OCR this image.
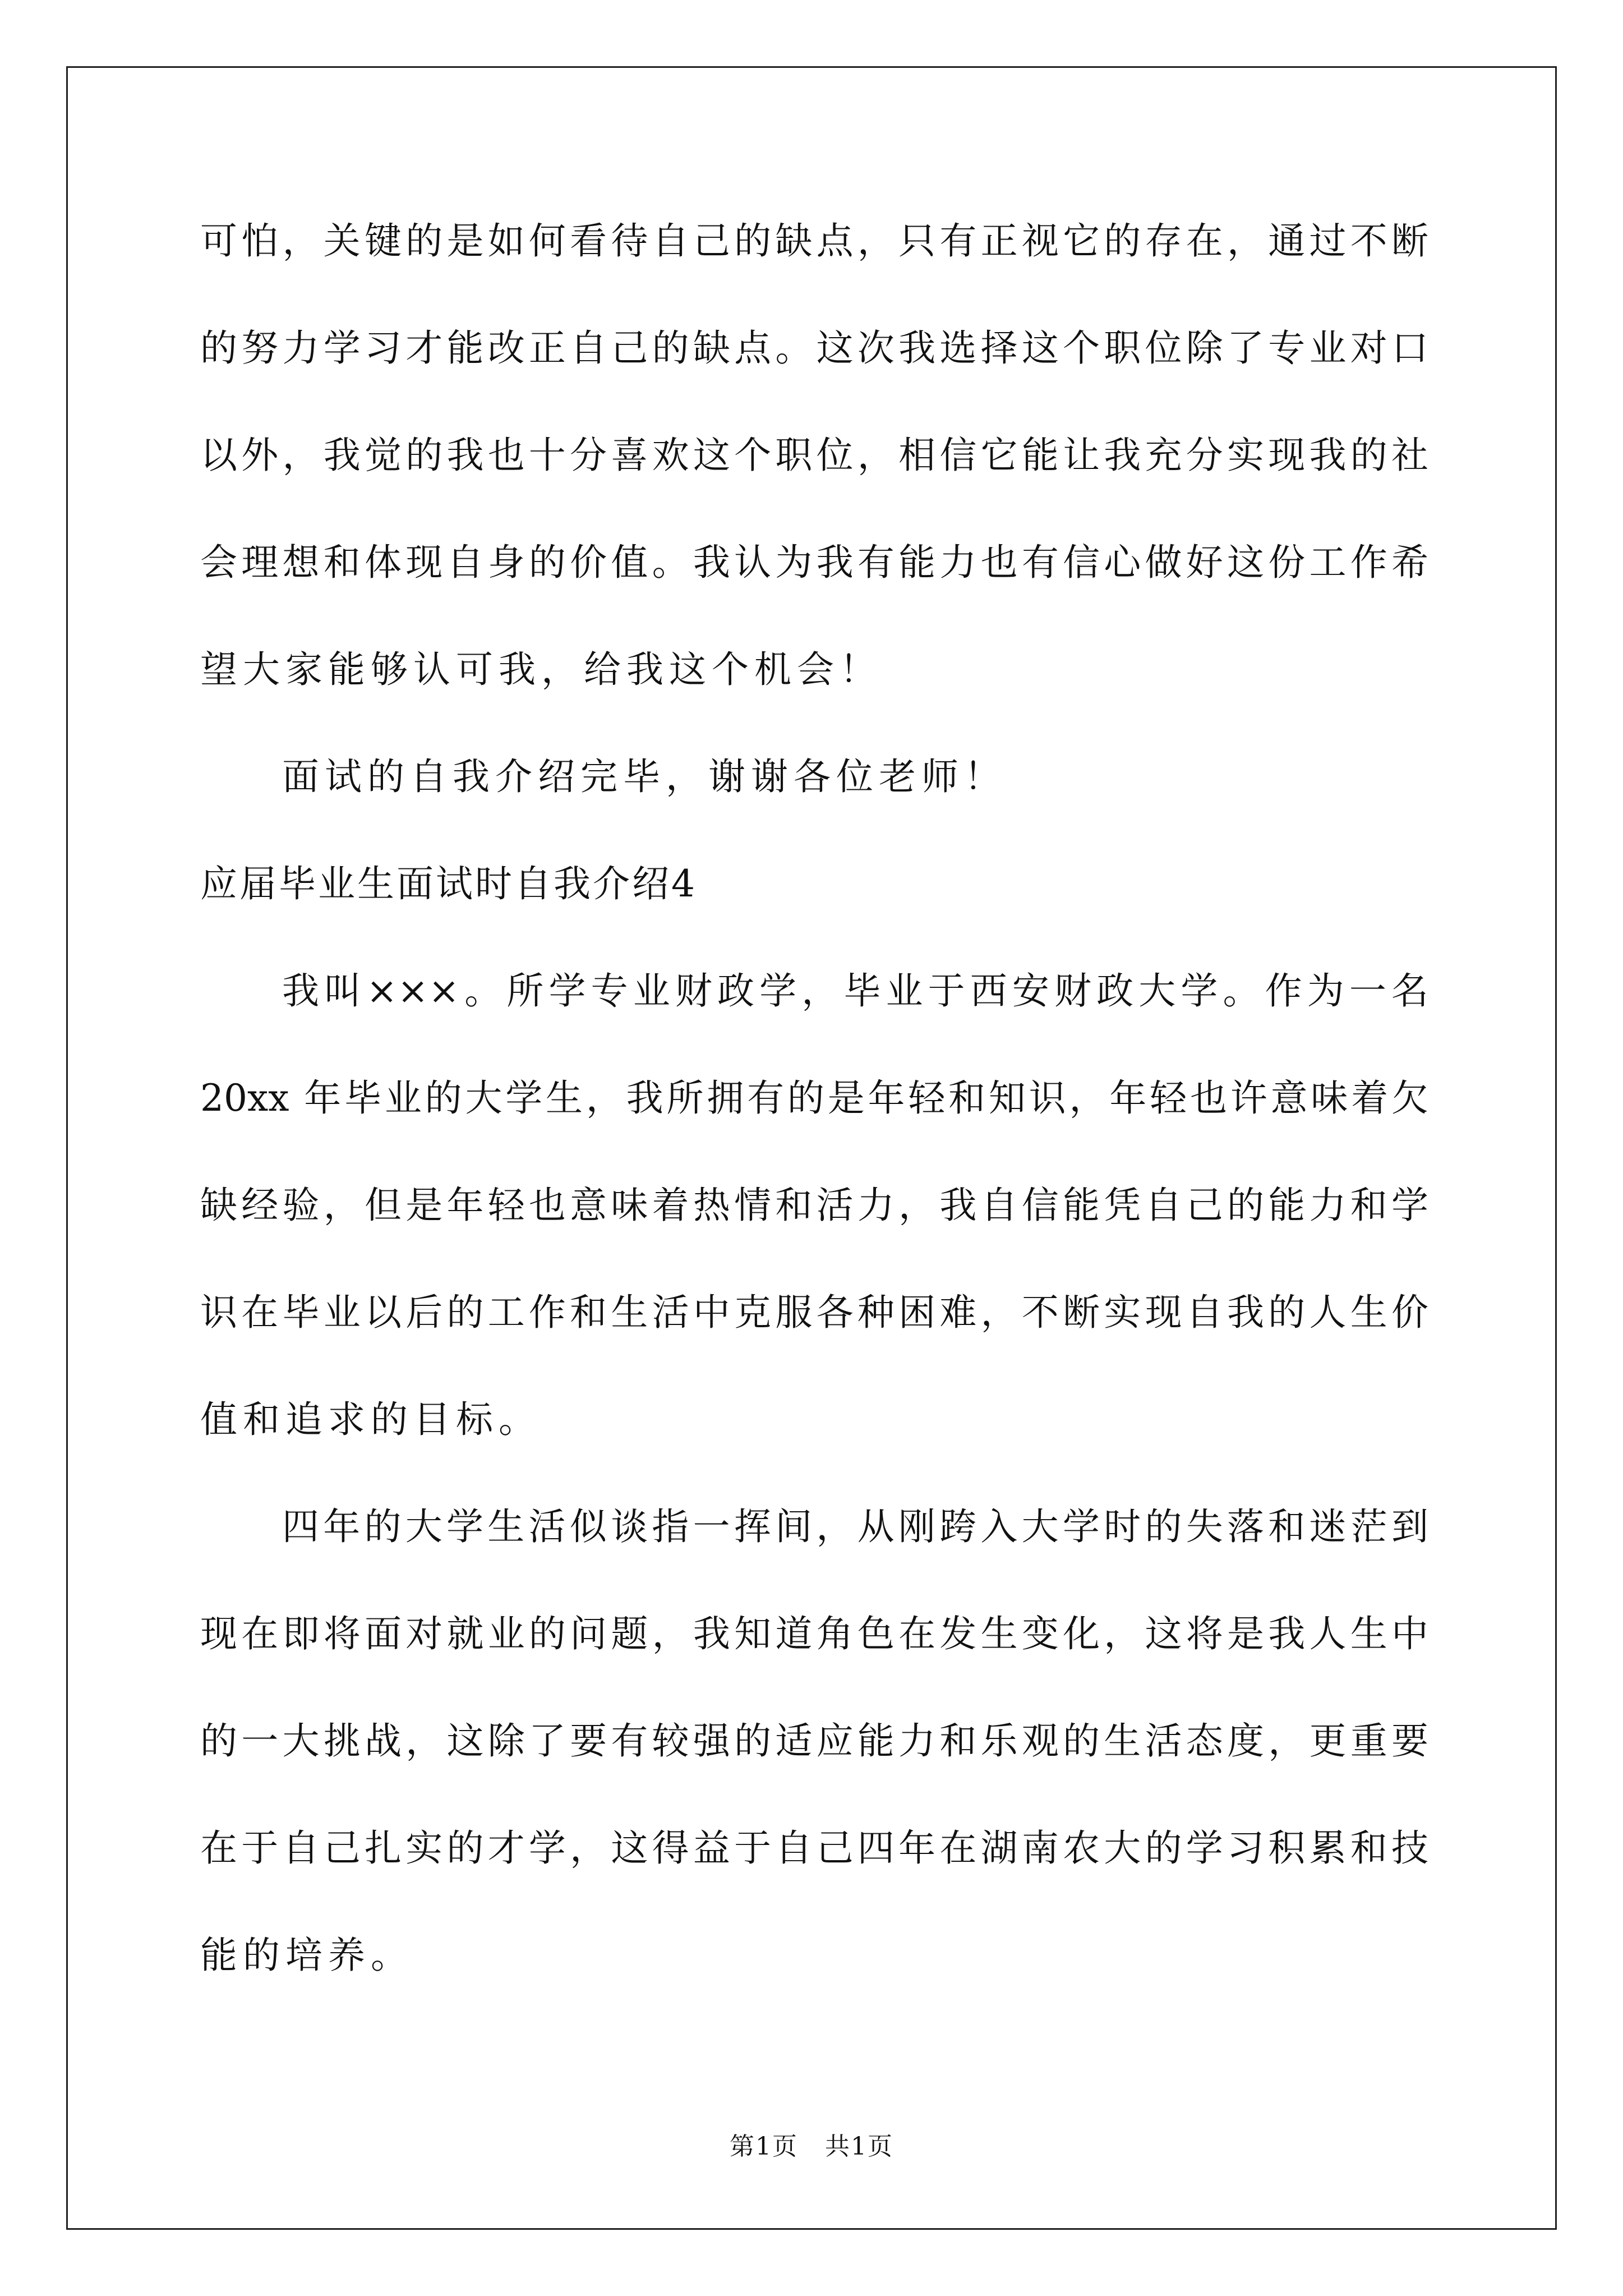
可怕，关键的是如何看待自己的缺点，只有正视它的存在，通过不断
的努力学习才能改正自己的缺点。这次我选择这个职位除了专业对口
以外，我觉的我也十分喜欢这个职位，相信它能让我充分实现我的社
会理想和体现自身的价值。我认为我有能力也有信心做好这份工作希
望大家能够认可我，给我这个机会！
面试的自我介绍完毕，谢谢各位老师！
应届毕业生面试时自我介绍4
我叫×××。所学专业财政学，毕业于西安财政大学。作为一名
20xx 年毕业的大学生，我所拥有的是年轻和知识，年轻也许意味着欠
缺经验，但是年轻也意味着热情和活力，我自信能凭自己的能力和学
识在毕业以后的工作和生活中克服各种困难，不断实现自我的人生价
值和追求的目标。
四年的大学生活似谈指一挥间，从刚跨入大学时的失落和迷茫到
现在即将面对就业的问题，我知道角色在发生变化，这将是我人生中
的一大挑战，这除了要有较强的适应能力和乐观的生活态度，更重要
在于自己扎实的才学，这得益于自己四年在湖南农大的学习积累和技
能的培养。
第1页 共1页
